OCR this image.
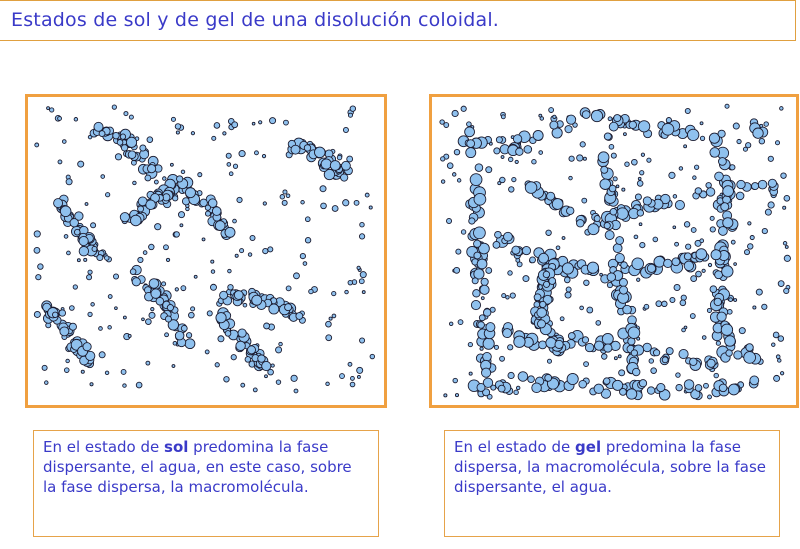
Estados de sol y de gel de una disolución coloidal.
En el estado de sol predomina la fase dispersante, el agua, en este caso, sobre la fase dispersa, la macromolécula.
En el estado de gel predomina la fase dispersa, la macromolécula, sobre la fase dispersante, el agua.
